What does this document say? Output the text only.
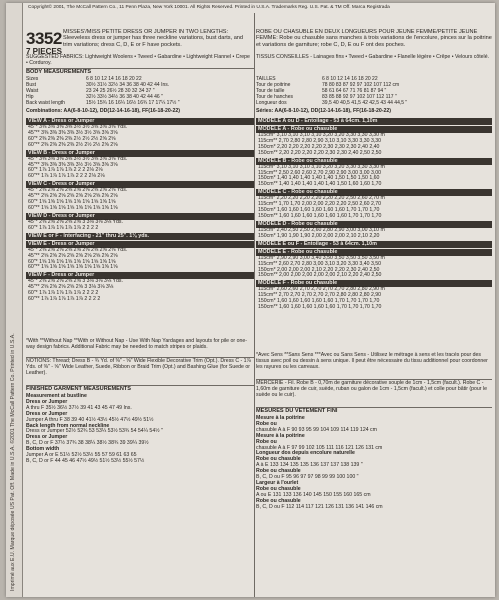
Imprimé aux E.U. Marque déposée US Pat. Off. Made in U.S.A. ©2001 The McCall Pattern Co. Printed in U.S.A.
Copyright© 2001, The McCall Pattern Co., 11 Penn Plaza, New York 10001. All Rights Reserved. Printed in U.S.A. Trademarks Reg. U.S. Pat. & TM Off. Marca Registrada
3352
7 PIECES
MISSES'/MISS PETITE DRESS OR JUMPER IN TWO LENGTHS: Sleeveless dress or jumper has three neckline variations, bust darts, and trim variations; dress C, D, E or F have pockets.
SUGGESTED FABRICS: Lightweight Woolens • Tweed • Gabardine • Lightweight Flannel • Crepe • Corduroy.
BODY MEASUREMENTS
Sizes	6 8 10 12 14 16 18 20 22
Bust	30½ 31½ 32½ 34 36 38 40 42 44 Ins.
Waist	23 24 25 26½ 28 30 32 34 37 "
Hip	32½ 33½ 34½ 36 38 40 42 44 46 "
Back waist length	15½ 15¾ 16 16¼ 16½ 16¾ 17 17¼ 17½ "
Combinations: AA(6-8-10-12), DD(12-14-16-18), FF(16-18-20-22)
VIEW A - Dress or Jumper
45"* 3⅜ 3⅜ 3⅜ 3⅜ 3½ 3½ 3⅝ 3⅝ 3⅝ Yds.
45"** 3⅜ 3⅜ 3⅜ 3⅜ 3½ 3½ 3⅝ 3⅝ 3⅝
60"* 2⅜ 2⅜ 2⅜ 2⅜ 2½ 2½ 2½ 2⅝ 2⅝
60"** 2⅜ 2⅜ 2⅜ 2⅜ 2½ 2½ 2½ 2⅝ 2⅝
VIEW B - Dress or Jumper
45"* 3⅜ 3⅜ 3⅜ 3⅜ 3½ 3½ 3⅝ 3⅝ 3⅝ Yds.
45"** 3⅜ 3⅜ 3⅜ 3⅜ 3½ 3½ 3⅝ 3⅝ 3⅝
60"* 1⅞ 1⅞ 1⅞ 1⅞ 2 2 2 2⅛ 2⅛
60"** 1⅞ 1⅞ 1⅞ 1⅞ 2 2 2 2⅛ 2⅛
VIEW C - Dress or Jumper
45"* 2⅝ 2⅝ 2⅝ 2⅝ 2⅝ 2⅝ 2⅝ 2⅝ 2⅝ Yds.
45"** 2⅝ 2⅝ 2⅝ 2⅝ 2⅝ 2⅝ 2⅝ 2⅝ 2⅝
60"* 1⅝ 1⅝ 1⅝ 1⅝ 1⅝ 1⅝ 1⅝ 1⅝ 1⅝
60"** 1⅝ 1⅝ 1⅝ 1⅝ 1⅝ 1⅝ 1⅝ 1⅝ 1⅝
VIEW D - Dress or Jumper
45"* 2⅝ 2⅝ 2⅝ 2⅝ 2⅝ 3 3⅛ 3⅛ 3⅛ Yds.
60"* 1⅞ 1⅞ 1⅞ 1⅞ 1⅞ 2 2 2 2
VIEW E or F - Interfacing - 21" thru 25". 1⅛ yds.
VIEW E - Dress or Jumper
45"* 2⅝ 2⅝ 2⅝ 2⅝ 2⅝ 2⅝ 2⅝ 2⅝ 2⅝ Yds.
45"** 2⅝ 2⅝ 2⅝ 2⅝ 2⅝ 2⅝ 2⅝ 2⅝ 2⅝
60"* 1⅝ 1⅝ 1⅝ 1⅝ 1⅝ 1⅝ 1⅝ 1⅝ 1⅝
60"** 1⅝ 1⅝ 1⅝ 1⅝ 1⅝ 1⅝ 1⅝ 1⅝ 1⅝
VIEW F - Dress or Jumper
45"* 2⅝ 2⅝ 2⅝ 2⅝ 2⅝ 3 3⅛ 3⅛ 3⅛ Yds.
45"** 2⅝ 2⅝ 2⅝ 2⅝ 2⅝ 3 3⅛ 3⅛ 3⅛
60"* 1⅞ 1⅞ 1⅞ 1⅞ 1⅞ 2 2 2 2
60"** 1⅞ 1⅞ 1⅞ 1⅞ 1⅞ 2 2 2 2
*With **Without Nap **With or Without Nap - Use With Nap Yardages and layouts for pile or one-way design fabrics. Additional Fabric may be needed to match stripes or plaids.
NOTIONS: Thread; Dress B - ¾ Yd. of ⅜" - ⅝" Wide Flexible Decorative Trim (Opt.). Dress C - 1⅞ Yds. of ⅜" - ⅝" Wide Leather, Suede, Ribbon or Braid Trim (Opt.) and Bashing Glue (for Suede or Leather).
FINISHED GARMENT MEASUREMENTS
Measurement at bustline
Dress or Jumper
A thru F 35½ 36½ 37½ 39 41 43 45 47 49 Ins.
Dress or Jumper
Jumper A thru F 38 39 40 41½ 43½ 45½ 47½ 49½ 51½
Back length from normal neckline
Dress or Jumper 52½ 52¾ 53 53¼ 53½ 53¾ 54 54¼ 54½ "
Dress or Jumper
B, C, D or F 37½ 37¾ 38 38¼ 38½ 38¾ 39 39¼ 39½
Bottom width
Jumper A or E 51½ 52½ 53½ 55 57 59 61 63 65
B, C, D or F 44 45 46 47½ 49½ 51½ 53½ 55½ 57½
ROBE OU CHASUBLE EN DEUX LONGUEURS POUR JEUNE FEMME/PETITE JEUNE FEMME: Robe ou chasuble sans manches à trois variations de l'encolure, pinces sur la poitrine et variations de garniture; robe C, D, E ou F ont des poches.
TISSUS CONSEILLES - Lainages fins • Tweed • Gabardine • Flanelle légère • Crêpe • Velours côtelé.
TAILLES	6 8 10 12 14 16 18 20 22
Tour de poitrine	78 80 83 87 92 97 102 107 112 cm
Tour de taille	58 61 64 67 71 76 81 87 94 "
Tour de hanches	83 85 88 92 97 102 107 112 117 "
Longueur dos	39,5 40 40,5 41,5 42 42,5 43 44 44,5 "
Séries: AA(6-8-10-12), DD(12-14-16-18), FF(16-18-20-22)
MODELE A ou D - Entoilage - 53 à 64cm. 1,10m
MODELE A - Robe ou chasuble
115cm* 3,10 3,10 3,10 3,10 3,20 3,20 3,30 3,30 3,30 m
115cm** 2,70 2,80 2,80 2,90 3,10 3,10 3,30 3,30 3,30
150cm* 2,20 2,20 2,20 2,20 2,30 2,30 2,30 2,40 2,40
150cm** 2,20 2,20 2,20 2,20 2,30 2,30 2,40 2,50 2,50
MODELE B - Robe ou chasuble
115cm* 3,10 3,10 3,10 3,10 3,20 3,20 3,30 3,30 3,30 m
115cm** 2,50 2,60 2,60 2,70 2,90 2,90 3,00 3,00 3,00
150cm* 1,40 1,40 1,40 1,40 1,40 1,50 1,50 1,50 1,60
150cm** 1,40 1,40 1,40 1,40 1,40 1,50 1,60 1,60 1,70
MODELE C - Robe ou chasuble
115cm* 2,20 2,20 2,20 2,20 2,20 2,20 2,50 2,60 2,70 m
115cm** 1,70 1,70 2,00 2,00 2,20 2,20 2,50 2,60 2,70
150cm* 1,60 1,60 1,60 1,60 1,60 1,60 1,70 1,70 1,70
150cm** 1,60 1,60 1,60 1,60 1,60 1,60 1,70 1,70 1,70
MODELE D - Robe ou chasuble
115cm* 2,40 2,50 2,50 2,60 2,80 2,90 3,00 3,00 3,10 m
150cm* 1,90 1,90 1,90 2,00 2,00 2,00 2,10 2,10 2,20
MODELE E ou F - Entoilage - 53 à 64cm. 1,10m
MODELE E - Robe ou chasuble
115cm* 2,90 2,90 3,00 3,40 3,50 3,50 3,50 3,50 3,50 m
115cm** 2,60 2,70 2,80 3,00 3,10 3,20 3,30 3,40 3,50
150cm* 2,00 2,00 2,00 2,10 2,20 2,20 2,30 2,40 2,50
150cm** 2,00 2,00 2,00 2,00 2,00 2,10 2,20 2,40 2,50
MODELE F - Robe ou chasuble
115cm* 2,60 2,60 2,70 2,70 2,70 2,70 2,80 2,80 2,90 m
115cm** 2,70 2,70 2,70 2,70 2,70 2,80 2,80 2,80 2,90
150cm* 1,60 1,60 1,60 1,60 1,60 1,70 1,70 1,70 1,70
150cm** 1,60 1,60 1,60 1,60 1,60 1,70 1,70 1,70 1,70
*Avec Sens **Sans Sens ***Avec ou Sans Sens - Utilisez le métrage à sens et les tracés pour des tissus avec poil ou dessin à sens unique. Il peut être nécessaire du tissu additionnel pour coordonner les rayures ou les carreaux.
MERCERIE - Fil. Robe B - 0,70m de garniture décorative souple de 1cm - 1,5cm (facult.). Robe C - 1,60m de garniture de cuir, suède, ruban ou galon de 1cm - 1,5cm (facult.) et colle pour bâtir (pour le suède ou le cuir).
MESURES DU VETEMENT FINI
Mesure à la poitrine
Robe ou
chasuble A à F 90 93 95 99 104 109 114 119 124 cm
Mesure à la poitrine
Robe ou
chasuble A à F 97 99 102 105 111 116 121 126 131 cm
Longueur dos depuis encolure naturelle
Robe ou chasuble
A à E 133 134 135 135 136 137 137 138 139 "
Robe ou chasuble
B, C, D ou F 95 96 97 97 98 99 99 100 100 "
Largeur à l'ourlet
Robe ou chasuble
A ou E 131 133 136 140 145 150 155 160 165 cm
Robe ou chasuble
B, C, D ou F 112 114 117 121 126 131 136 141 146 cm
